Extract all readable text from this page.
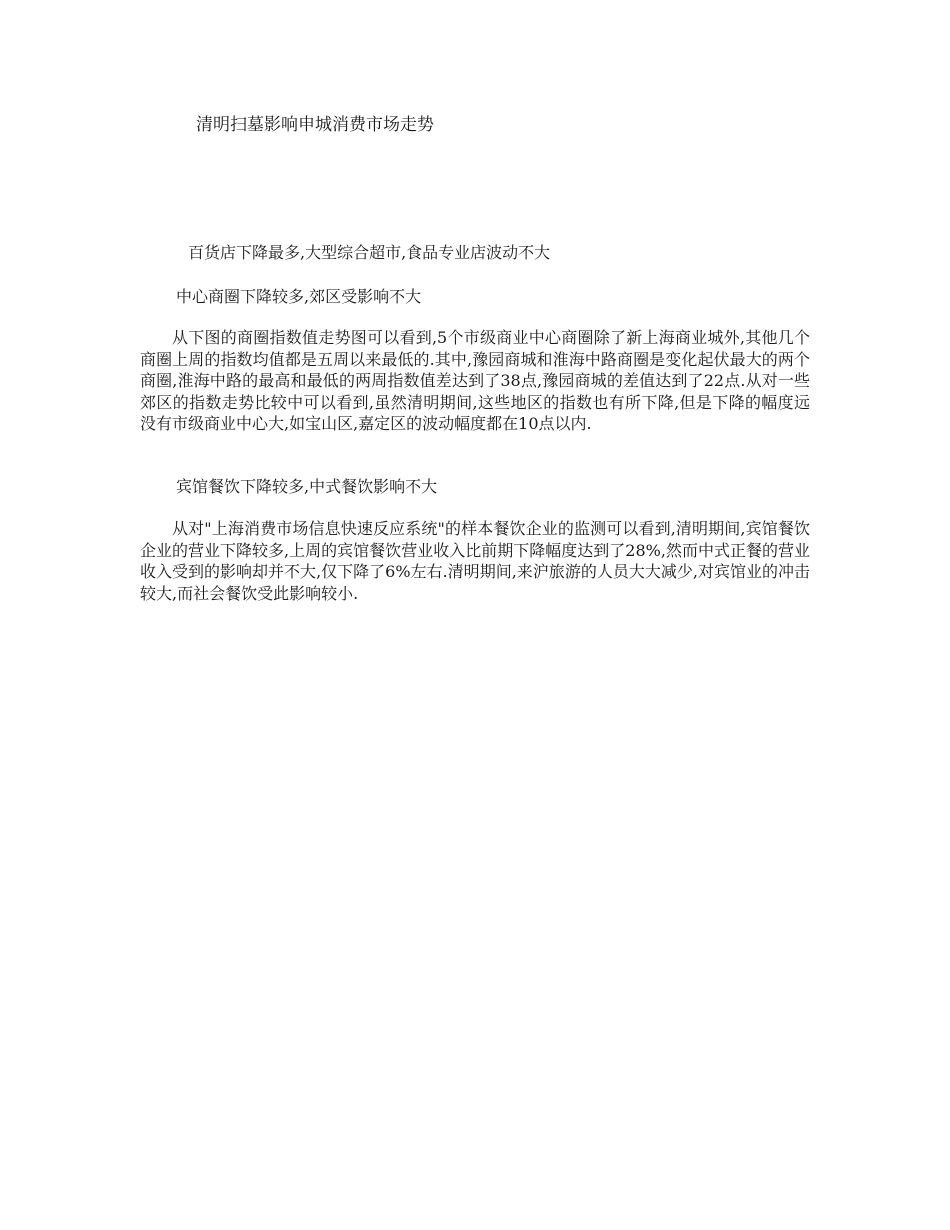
清明扫墓影响申城消费市场走势
百货店下降最多,大型综合超市,食品专业店波动不大
中心商圈下降较多,郊区受影响不大
从下图的商圈指数值走势图可以看到,5个市级商业中心商圈除了新上海商业城外,其他几个商圈上周的指数均值都是五周以来最低的.其中,豫园商城和淮海中路商圈是变化起伏最大的两个商圈,淮海中路的最高和最低的两周指数值差达到了38点,豫园商城的差值达到了22点.从对一些郊区的指数走势比较中可以看到,虽然清明期间,这些地区的指数也有所下降,但是下降的幅度远没有市级商业中心大,如宝山区,嘉定区的波动幅度都在10点以内.
宾馆餐饮下降较多,中式餐饮影响不大
从对"上海消费市场信息快速反应系统"的样本餐饮企业的监测可以看到,清明期间,宾馆餐饮企业的营业下降较多,上周的宾馆餐饮营业收入比前期下降幅度达到了28%,然而中式正餐的营业收入受到的影响却并不大,仅下降了6%左右.清明期间,来沪旅游的人员大大减少,对宾馆业的冲击较大,而社会餐饮受此影响较小.
